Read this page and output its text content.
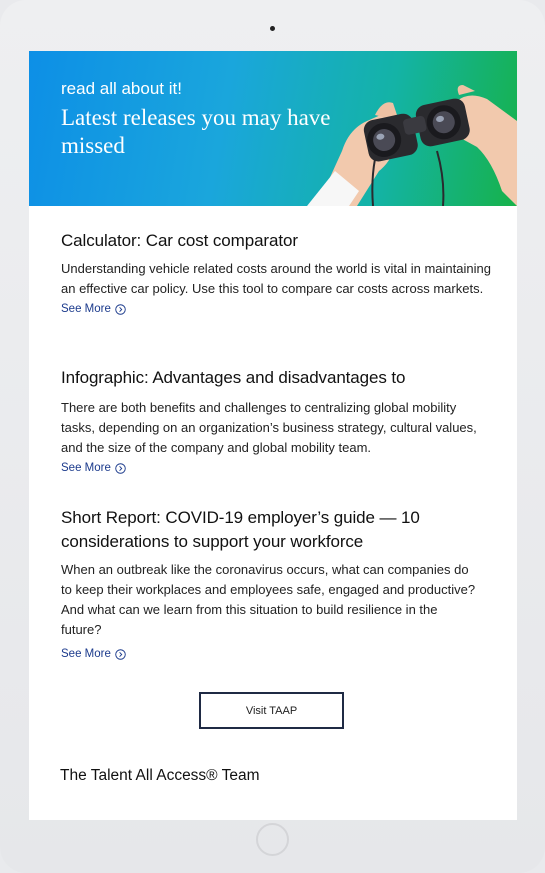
read all about it!
Latest releases you may have missed
Calculator: Car cost comparator
Understanding vehicle related costs around the world is vital in maintaining an effective car policy. Use this tool to compare car costs across markets.
See More
Infographic: Advantages and disadvantages to
There are both benefits and challenges to centralizing global mobility tasks, depending on an organization’s business strategy, cultural values, and the size of the company and global mobility team.
See More
Short Report: COVID-19 employer’s guide — 10 considerations to support your workforce
When an outbreak like the coronavirus occurs, what can companies do to keep their workplaces and employees safe, engaged and productive? And what can we learn from this situation to build resilience in the future?
See More
Visit TAAP
The Talent All Access® Team
